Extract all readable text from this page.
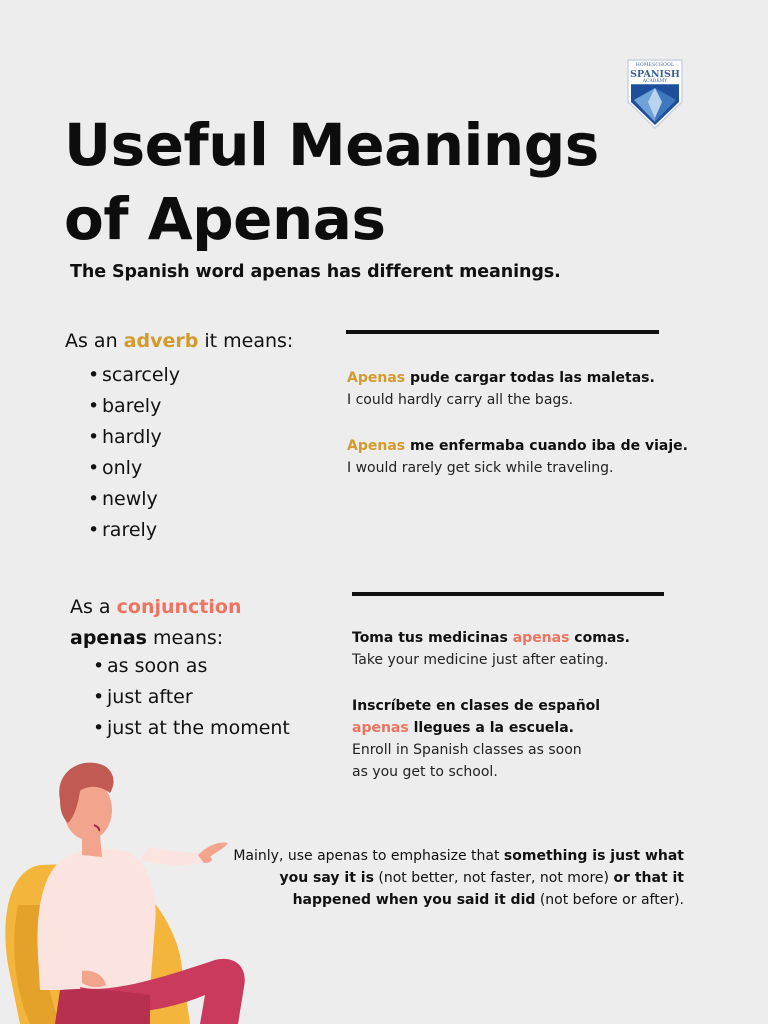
HOMESCHOOL
SPANISH
ACADEMY
Useful Meanings
of Apenas
The Spanish word apenas has different meanings.
As an adverb it means:
• scarcely
• barely
• hardly
• only
• newly
• rarely
Apenas pude cargar todas las maletas.
I could hardly carry all the bags.
Apenas me enfermaba cuando iba de viaje.
I would rarely get sick while traveling.
As a conjunction
apenas means:
• as soon as
• just after
• just at the moment
Toma tus medicinas apenas comas.
Take your medicine just after eating.
Inscríbete en clases de español
apenas llegues a la escuela.
Enroll in Spanish classes as soon
as you get to school.
Mainly, use apenas to emphasize that something is just what you say it is (not better, not faster, not more) or that it happened when you said it did (not before or after).
